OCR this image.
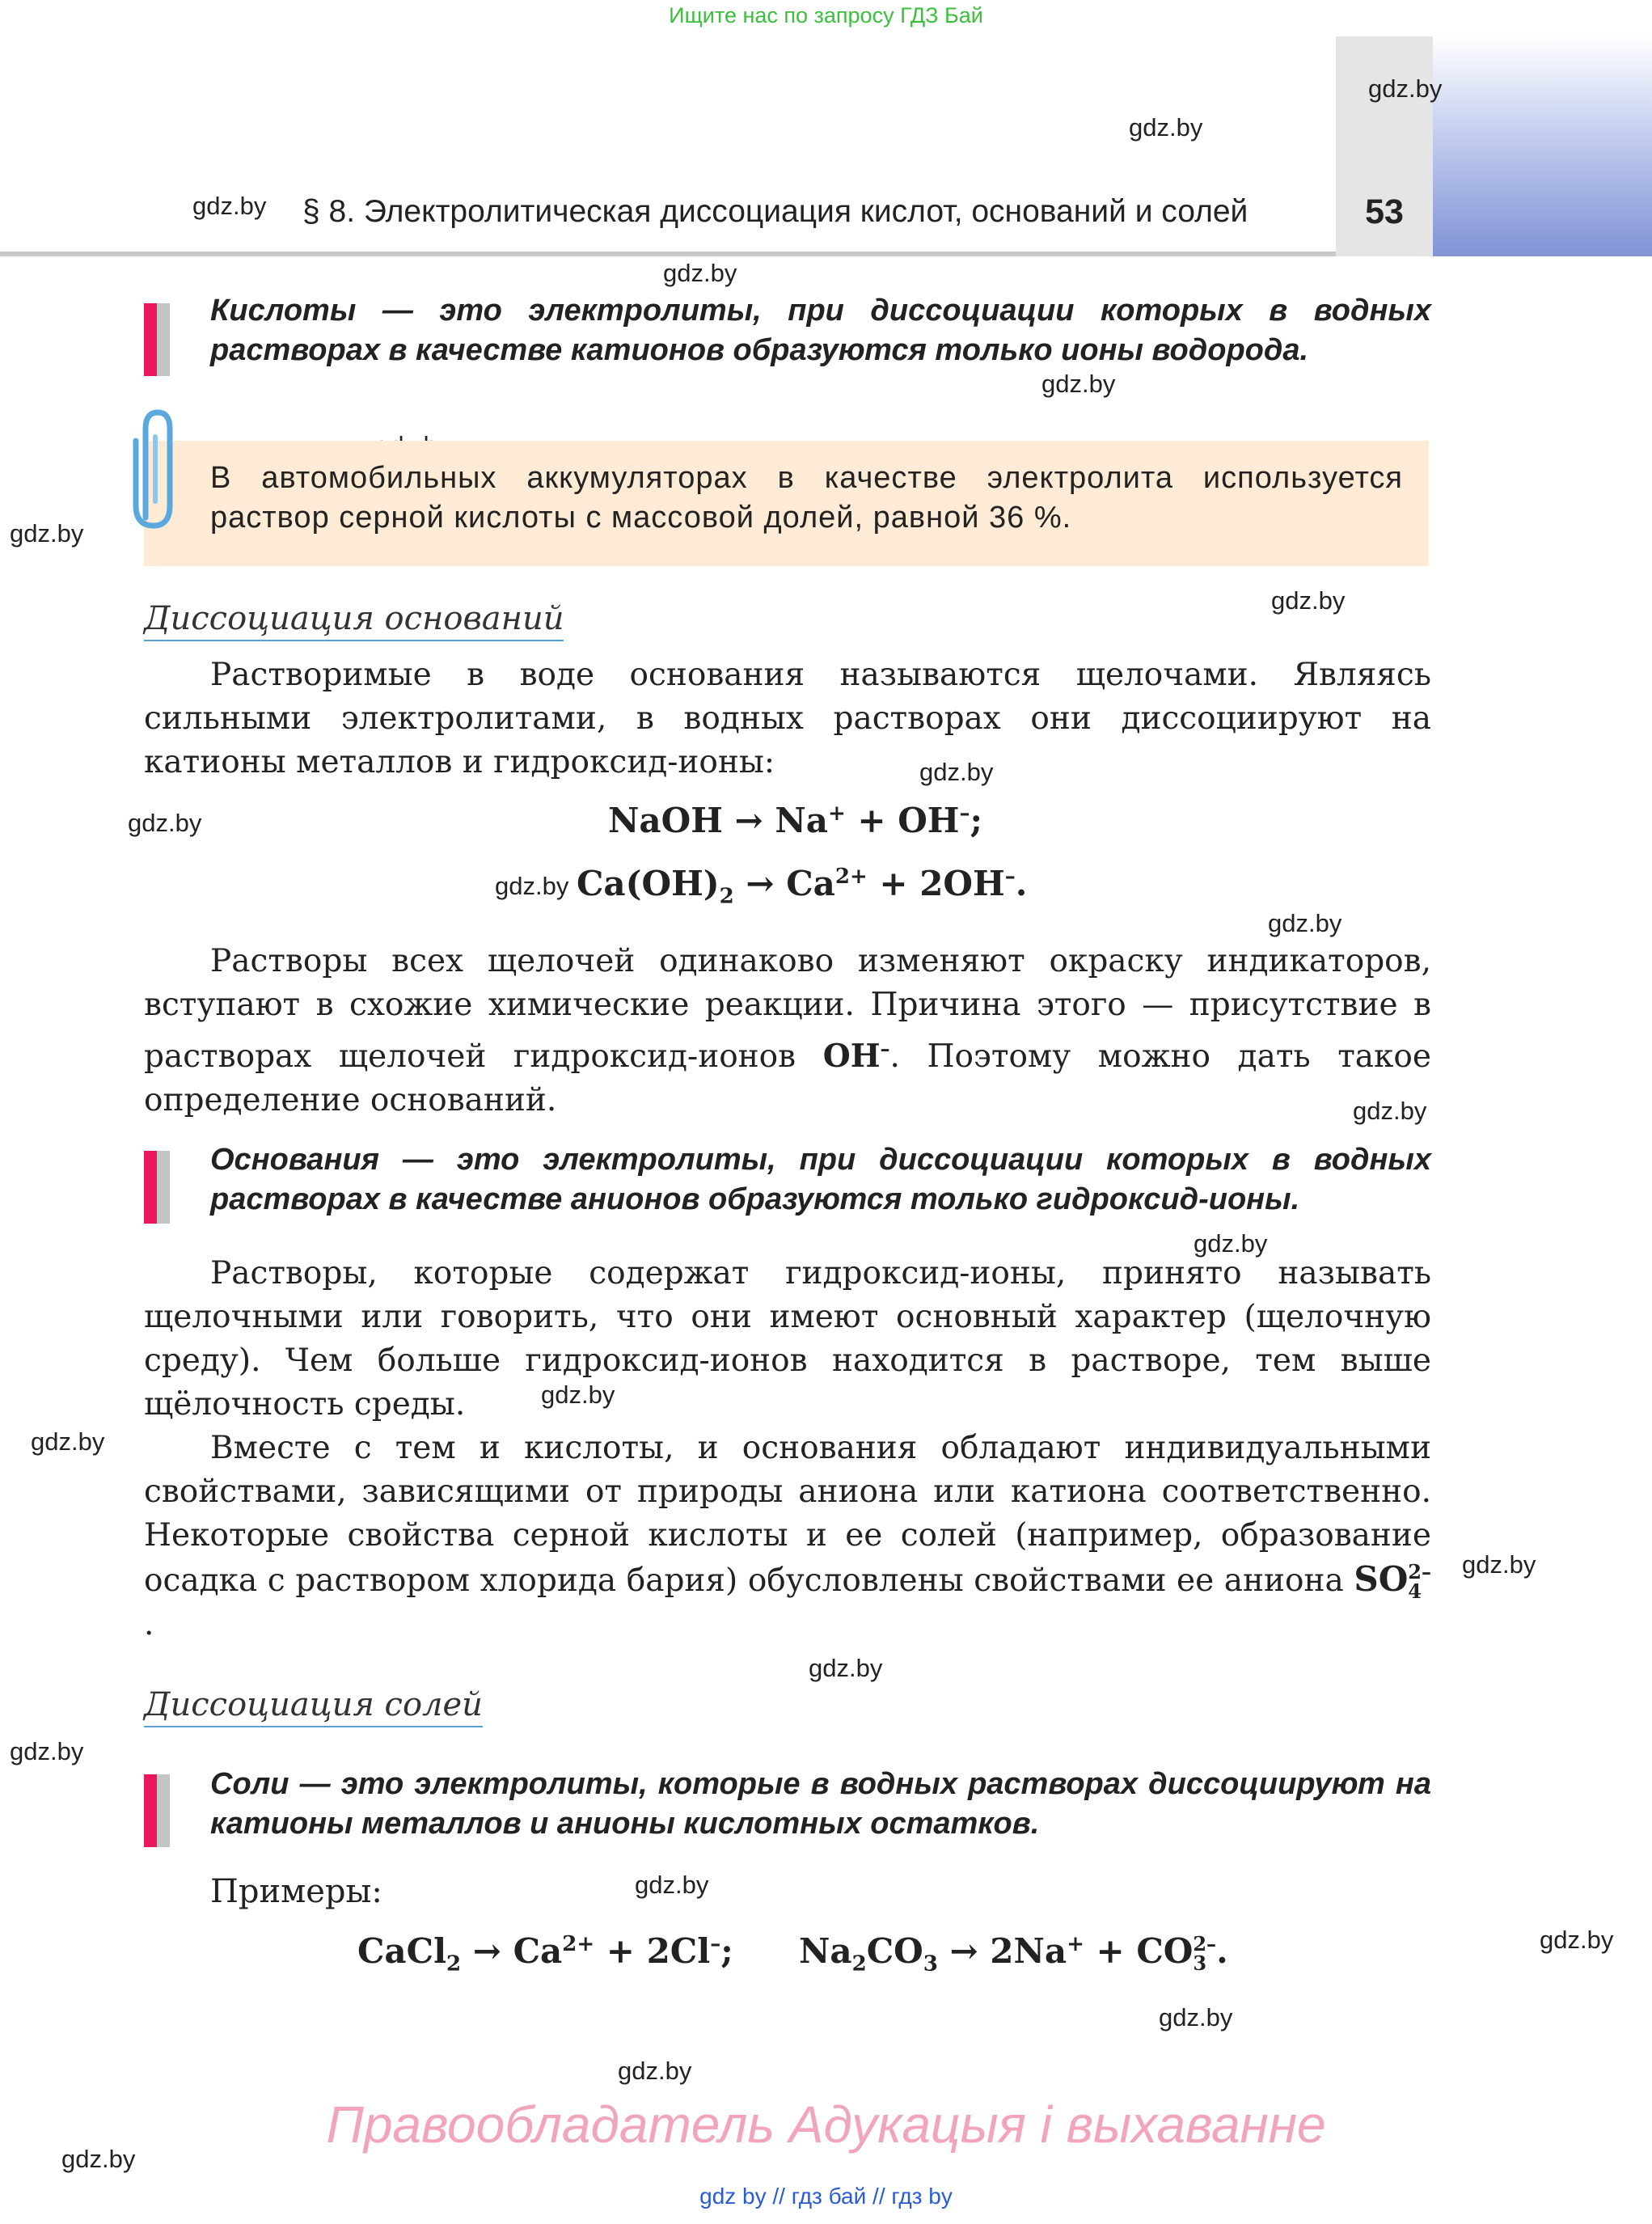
Ищите нас по запросу ГДЗ Бай
§ 8. Электролитическая диссоциация кислот, оснований и солей	53
gdz.by
gdz.by
gdz.by
gdz.by
gdz.by
gdz.by
gdz.by
gdz.by
gdz.by
gdz.by
gdz.by
gdz.by
gdz.by
gdz.by
gdz.by
gdz.by
gdz.by
gdz.by
gdz.by
gdz.by
gdz.by
gdz.by
gdz.by
Кислоты — это электролиты, при диссоциации которых в водных растворах в качестве катионов образуются только ионы водорода.
В автомобильных аккумуляторах в качестве электролита используется раствор серной кислоты с массовой долей, равной 36 %.
Диссоциация оснований

Растворимые в воде основания называются щелочами. Являясь сильными электролитами, в водных растворах они диссоциируют на катионы металлов и гидроксид-ионы:

NaOH → Na+ + OH–;
$Ca(OH)_2 \to Ca^{2+} + 2OH^-$.

Растворы всех щелочей одинаково изменяют окраску индикаторов, вступают в схожие химические реакции. Причина этого — присутствие в растворах щелочей гидроксид-ионов OH–. Поэтому можно дать такое определение оснований.

Основания — это электролиты, при диссоциации которых в водных растворах в качестве анионов образуются только гидроксид-ионы.

Растворы, которые содержат гидроксид-ионы, принято называть щелочными или говорить, что они имеют основный характер (щелочную среду). Чем больше гидроксид-ионов находится в растворе, тем выше щёлочность среды.

Вместе с тем и кислоты, и основания обладают индивидуальными свойствами, зависящими от природы аниона или катиона соответственно. Некоторые свойства серной кислоты и ее солей (например, образование осадка с раствором хлорида бария) обусловлены свойствами ее аниона SO 2–
4
.

Диссоциация солей
Соли — это электролиты, которые в водных растворах диссоциируют на катионы металлов и анионы кислотных остатков.
Примеры:
CaCl$_2$ → $Ca^{2+} + 2Cl^-$; $Na_2CO_3 \to 2Na^+$ + CO 2–
3 .
Правообладатель Адукацыя і выхаванне
gdz by // гдз бай // гдз by
